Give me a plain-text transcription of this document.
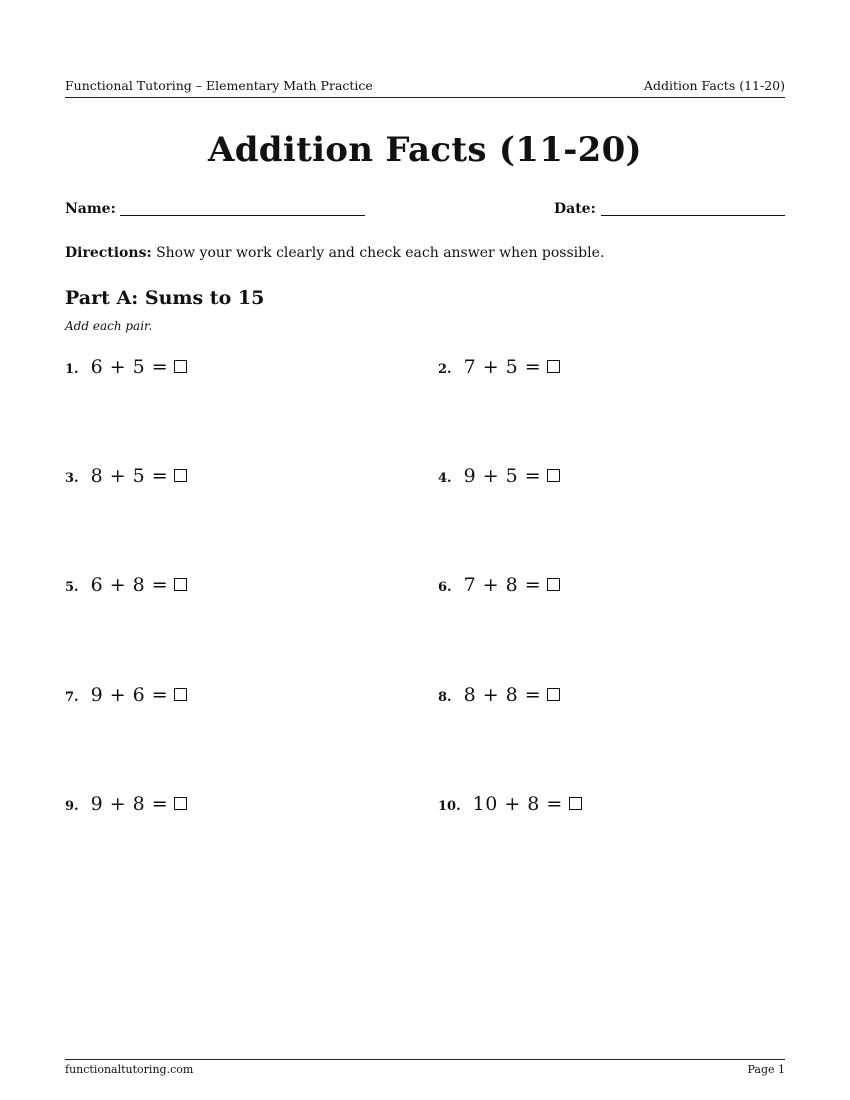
Functional Tutoring – Elementary Math Practice	Addition Facts (11-20)
Addition Facts (11-20)
Name:	Date:
Directions: Show your work clearly and check each answer when possible.
Part A: Sums to 15
Add each pair.
1. 6 + 5 =	2. 7 + 5 =
3. 8 + 5 =	4. 9 + 5 =
5. 6 + 8 =	6. 7 + 8 =
7. 9 + 6 =	8. 8 + 8 =
9. 9 + 8 =	10. 10 + 8 =
functionaltutoring.com	Page 1
